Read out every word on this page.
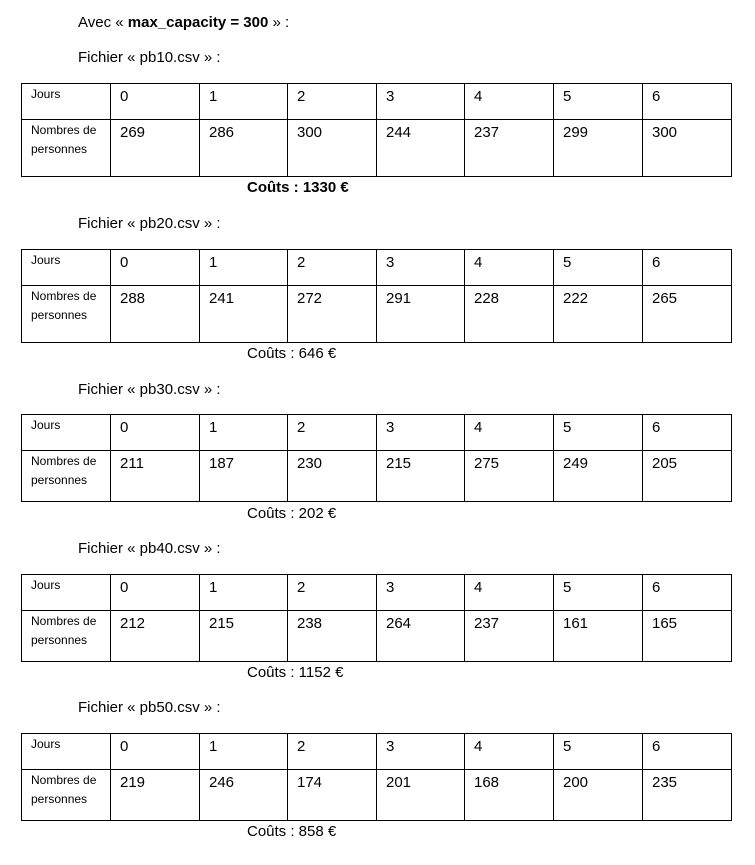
Avec « max_capacity = 300 » :
Fichier « pb10.csv » :
Jours	0	1	2	3	4	5	6
Nombres de personnes	269	286	300	244	237	299	300
Coûts : 1330 €
Fichier « pb20.csv » :
Jours	0	1	2	3	4	5	6
Nombres de personnes	288	241	272	291	228	222	265
Coûts : 646 €
Fichier « pb30.csv » :
Jours	0	1	2	3	4	5	6
Nombres de personnes	211	187	230	215	275	249	205
Coûts : 202 €
Fichier « pb40.csv » :
Jours	0	1	2	3	4	5	6
Nombres de personnes	212	215	238	264	237	161	165
Coûts : 1152 €
Fichier « pb50.csv » :
Jours	0	1	2	3	4	5	6
Nombres de personnes	219	246	174	201	168	200	235
Coûts : 858 €
